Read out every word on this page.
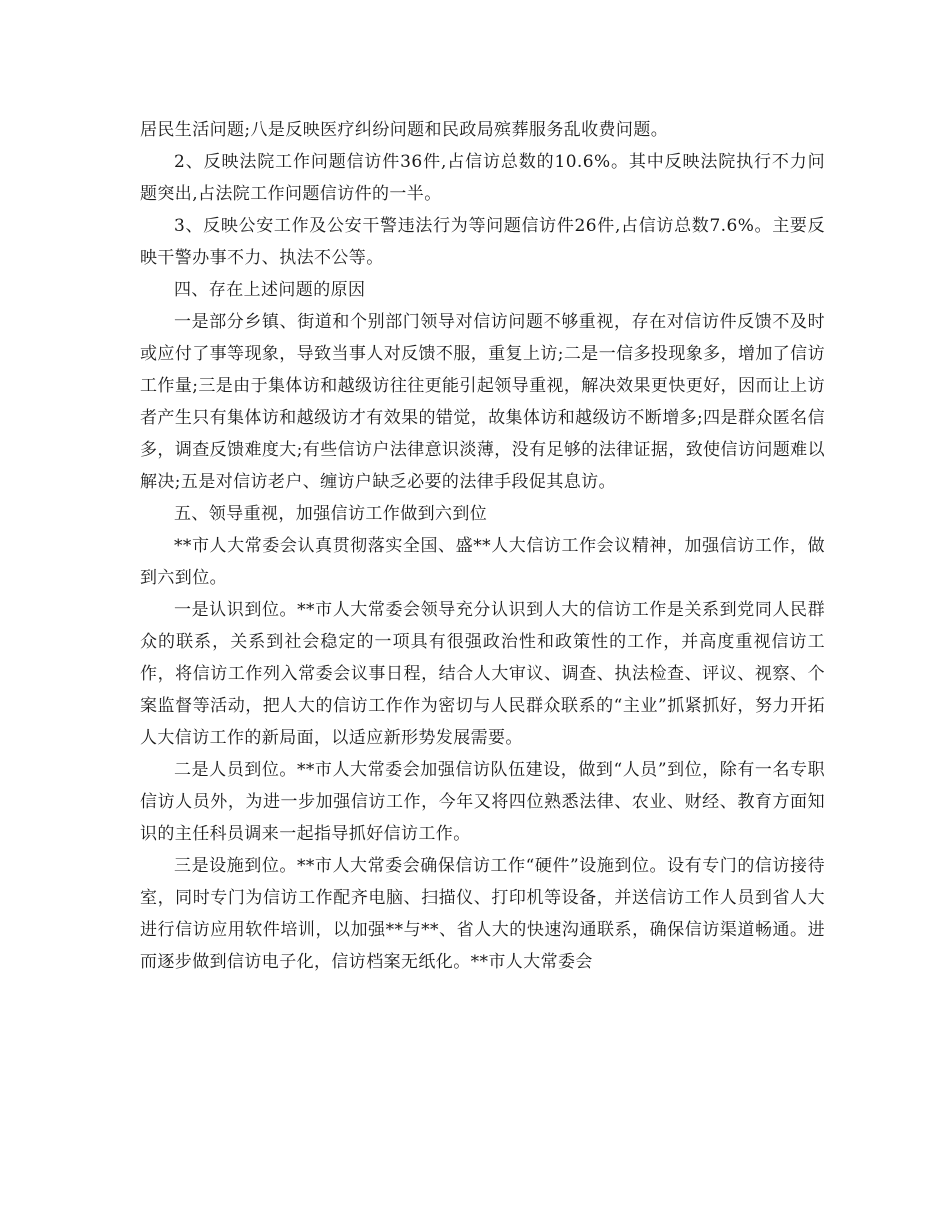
居民生活问题;八是反映医疗纠纷问题和民政局殡葬服务乱收费问题。

2、反映法院工作问题信访件36件,占信访总数的10.6%。其中反映法院执行不力问题突出,占法院工作问题信访件的一半。

3、反映公安工作及公安干警违法行为等问题信访件26件,占信访总数7.6%。主要反映干警办事不力、执法不公等。

四、存在上述问题的原因

一是部分乡镇、街道和个别部门领导对信访问题不够重视，存在对信访件反馈不及时或应付了事等现象，导致当事人对反馈不服，重复上访;二是一信多投现象多，增加了信访工作量;三是由于集体访和越级访往往更能引起领导重视，解决效果更快更好，因而让上访者产生只有集体访和越级访才有效果的错觉，故集体访和越级访不断增多;四是群众匿名信多，调查反馈难度大;有些信访户法律意识淡薄，没有足够的法律证据，致使信访问题难以解决;五是对信访老户、缠访户缺乏必要的法律手段促其息访。

五、领导重视，加强信访工作做到六到位

**市人大常委会认真贯彻落实全国、盛**人大信访工作会议精神，加强信访工作，做到六到位。

一是认识到位。**市人大常委会领导充分认识到人大的信访工作是关系到党同人民群众的联系，关系到社会稳定的一项具有很强政治性和政策性的工作，并高度重视信访工作，将信访工作列入常委会议事日程，结合人大审议、调查、执法检查、评议、视察、个案监督等活动，把人大的信访工作作为密切与人民群众联系的“主业”抓紧抓好，努力开拓人大信访工作的新局面，以适应新形势发展需要。

二是人员到位。**市人大常委会加强信访队伍建设，做到“人员”到位，除有一名专职信访人员外，为进一步加强信访工作，今年又将四位熟悉法律、农业、财经、教育方面知识的主任科员调来一起指导抓好信访工作。

三是设施到位。**市人大常委会确保信访工作“硬件”设施到位。设有专门的信访接待室，同时专门为信访工作配齐电脑、扫描仪、打印机等设备，并送信访工作人员到省人大进行信访应用软件培训，以加强**与**、省人大的快速沟通联系，确保信访渠道畅通。进而逐步做到信访电子化，信访档案无纸化。**市人大常委会
